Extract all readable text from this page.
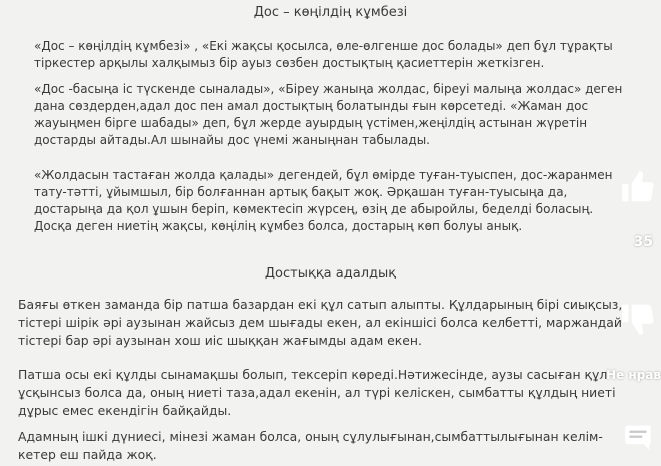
Дос – көңілдің кұмбезі

«Дос – көңілдің кұмбезі» , «Екі жақсы қосылса, өле-өлгенше дос болады» деп бұл тұрақты тіркестер арқылы халқымыз бір ауыз сөзбен достықтың қасиеттерін жеткізген.

«Дос -басыңа іс түскенде сыналады», «Біреу жаныңа жолдас, біреуі малыңа жолдас» деген дана сөздерден,адал дос пен амал достықтың болатынды ғын көрсетеді. «Жаман дос жауыңмен бірге шабады» деп, бұл жерде ауырдың үстімен,жеңілдің астынан жүретін достарды айтады.Ал шынайы дос үнемі жаныңнан табылады.

«Жолдасын тастаған жолда қалады» дегендей, бұл өмірде туған-туыспен, дос-жаранмен тату-тәтті, ұйымшыл, бір болғаннан артық бақыт жоқ. Әрқашан туған-туысыңа да, достарыңа да қол ұшын беріп, көмектесіп жүрсең, өзің де абыройлы, беделді боласың. Досқа деген ниетің жақсы, көңілің кұмбез болса, достарың көп болуы анық.

Достыққа адалдық

Баяғы өткен заманда бір патша базардан екі құл сатып алыпты. Құлдарының бірі сиықсыз, тістері шірік әрі аузынан жайсыз дем шығады екен, ал екіншісі болса келбетті, маржандай тістері бар әрі аузынан хош иіс шыққан жағымды адам екен.

Патша осы екі құлды сынамақшы болып, тексеріп көреді.Нәтижесінде, аузы сасыған құл ұсқынсыз болса да, оның ниеті таза,адал екенін, ал түрі келіскен, сымбатты құлдың ниеті дұрыс емес екендігін байқайды.

Адамның ішкі дүниесі, мінезі жаман болса, оның сұлулығынан,сымбаттылығынан келім-кетер еш пайда жоқ.

35
Не нрав
